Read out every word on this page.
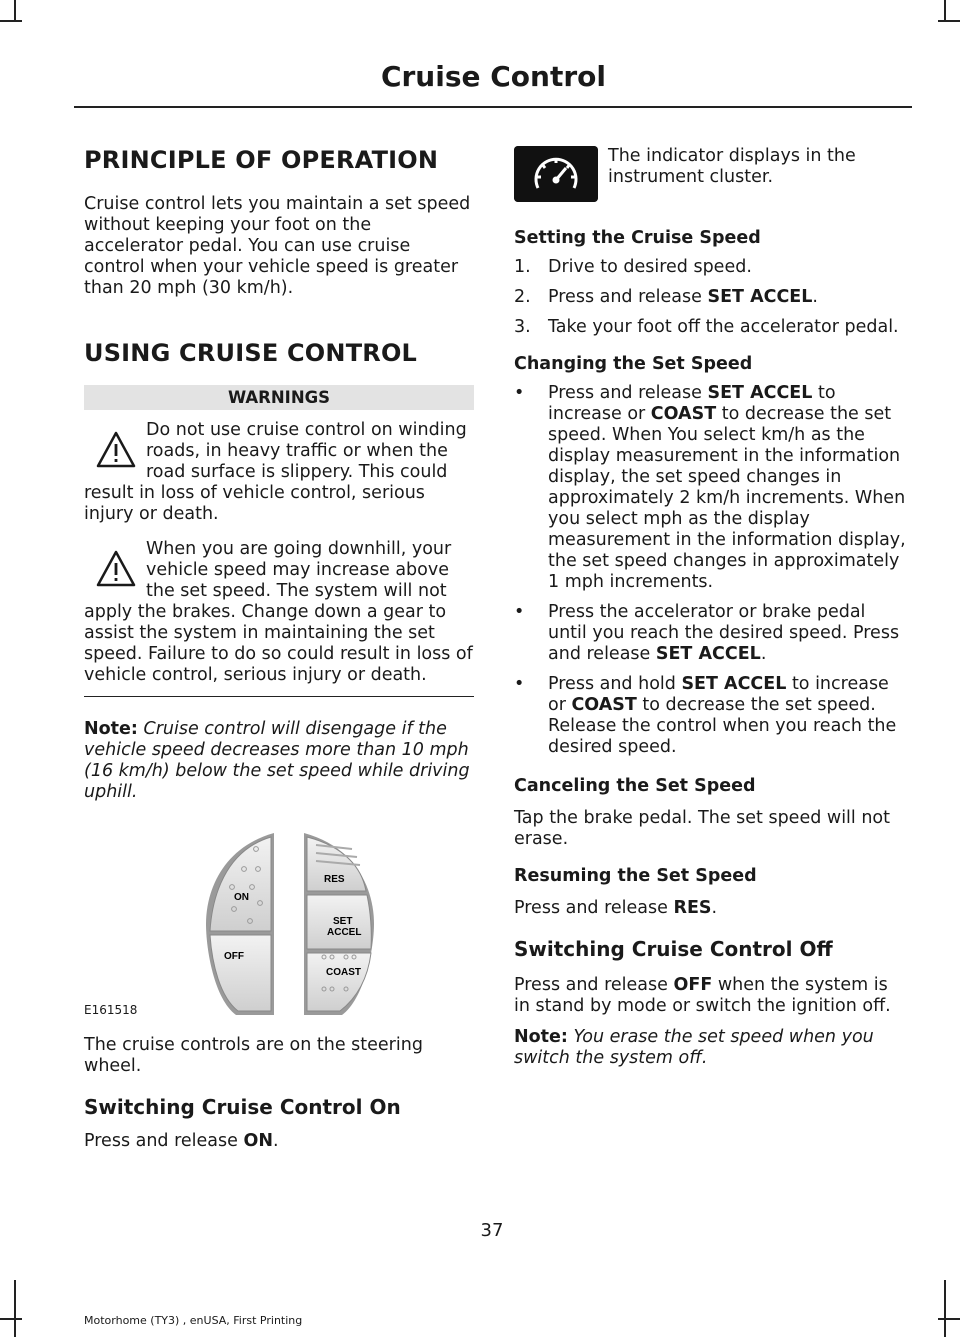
Cruise Control
PRINCIPLE OF OPERATION

Cruise control lets you maintain a set speed without keeping your foot on the accelerator pedal. You can use cruise control when your vehicle speed is greater than 20 mph (30 km/h).

USING CRUISE CONTROL
WARNINGS
Do not use cruise control on winding roads, in heavy traffic or when the road surface is slippery. This could result in loss of vehicle control, serious injury or death.
When you are going downhill, your vehicle speed may increase above the set speed. The system will not apply the brakes. Change down a gear to assist the system in maintaining the set speed. Failure to do so could result in loss of vehicle control, serious injury or death.

Note: Cruise control will disengage if the vehicle speed decreases more than 10 mph (16 km/h) below the set speed while driving uphill.

ON
OFF
RES
SET
ACCEL
COAST
E161518

The cruise controls are on the steering wheel.

Switching Cruise Control On

Press and release ON.

The indicator displays in the instrument cluster.

Setting the Cruise Speed
1. Drive to desired speed.
2. Press and release SET ACCEL.
3. Take your foot off the accelerator pedal.
Changing the Set Speed
•	Press and release SET ACCEL to increase or COAST to decrease the set speed. When You select km/h as the display measurement in the information display, the set speed changes in approximately 2 km/h increments. When you select mph as the display measurement in the information display, the set speed changes in approximately 1 mph increments.
•	Press the accelerator or brake pedal until you reach the desired speed. Press and release SET ACCEL.
•	Press and hold SET ACCEL to increase or COAST to decrease the set speed. Release the control when you reach the desired speed.
Canceling the Set Speed

Tap the brake pedal. The set speed will not erase.

Resuming the Set Speed

Press and release RES.

Switching Cruise Control Off

Press and release OFF when the system is in stand by mode or switch the ignition off.

Note: You erase the set speed when you switch the system off.

37
Motorhome (TY3) , enUSA, First Printing
